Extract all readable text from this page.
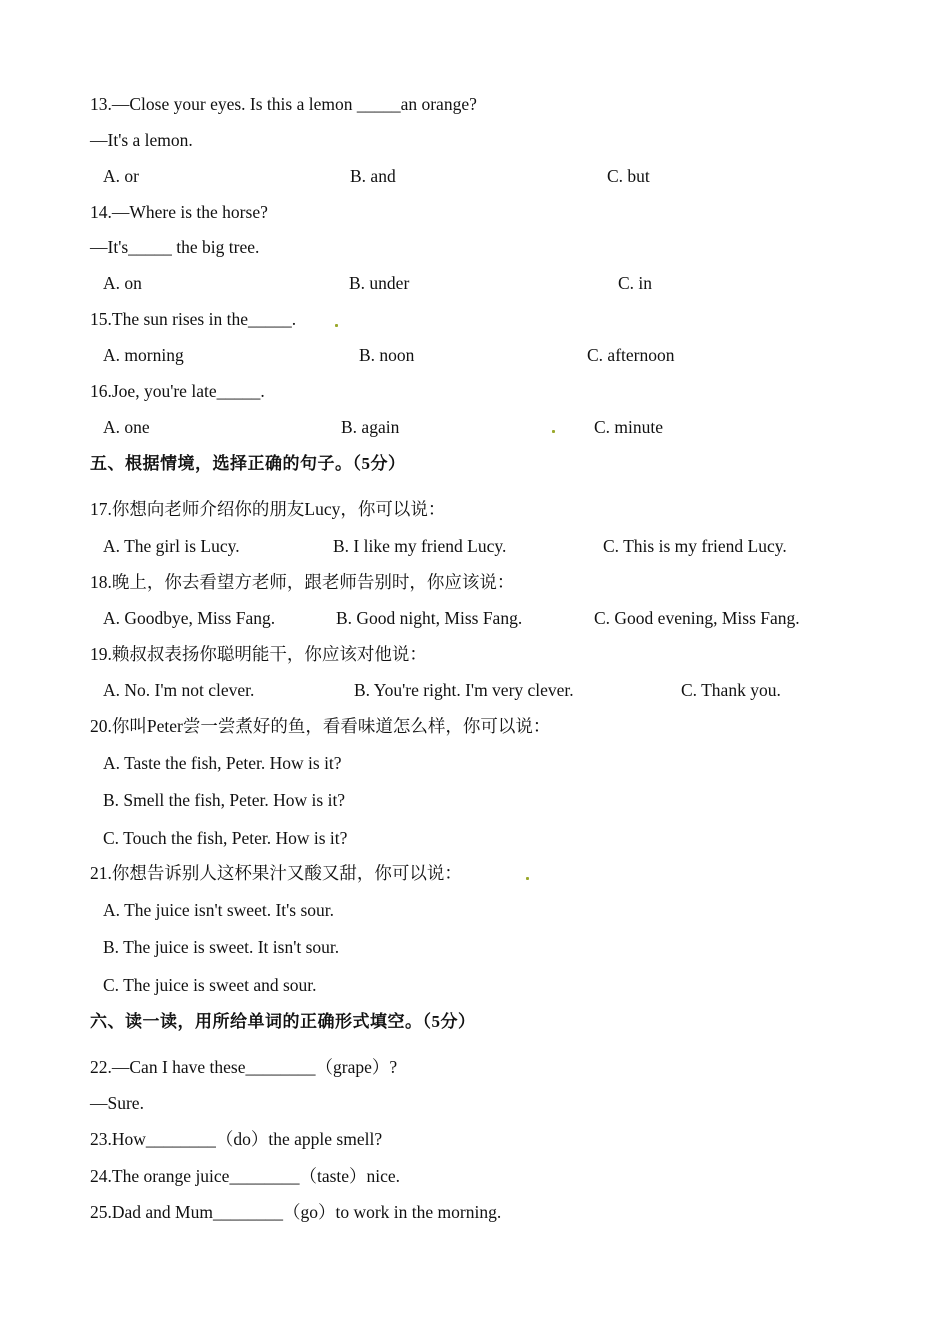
13.—Close your eyes. Is this a lemon _____an orange?
—It's a lemon.
A. or	B. and	C. but
14.—Where is the horse?
—It's_____ the big tree.
A. on	B. under	C. in
15.The sun rises in the_____.
A. morning	B. noon	C. afternoon
16.Joe, you're late_____.
A. one	B. again	C. minute
五、根据情境，选择正确的句子。（5分）
17.你想向老师介绍你的朋友Lucy，你可以说：
A. The girl is Lucy.	B. I like my friend Lucy.	C. This is my friend Lucy.
18.晚上，你去看望方老师，跟老师告别时，你应该说：
A. Goodbye, Miss Fang.	B. Good night, Miss Fang.	C. Good evening, Miss Fang.
19.赖叔叔表扬你聪明能干，你应该对他说：
A. No. I'm not clever.	B. You're right. I'm very clever.	C. Thank you.
20.你叫Peter尝一尝煮好的鱼，看看味道怎么样，你可以说：
A. Taste the fish, Peter. How is it?
B. Smell the fish, Peter. How is it?
C. Touch the fish, Peter. How is it?
21.你想告诉别人这杯果汁又酸又甜，你可以说：
A. The juice isn't sweet. It's sour.
B. The juice is sweet. It isn't sour.
C. The juice is sweet and sour.
六、读一读，用所给单词的正确形式填空。（5分）
22.—Can I have these________（grape）?
—Sure.
23.How________（do）the apple smell?
24.The orange juice________（taste）nice.
25.Dad and Mum________（go）to work in the morning.
